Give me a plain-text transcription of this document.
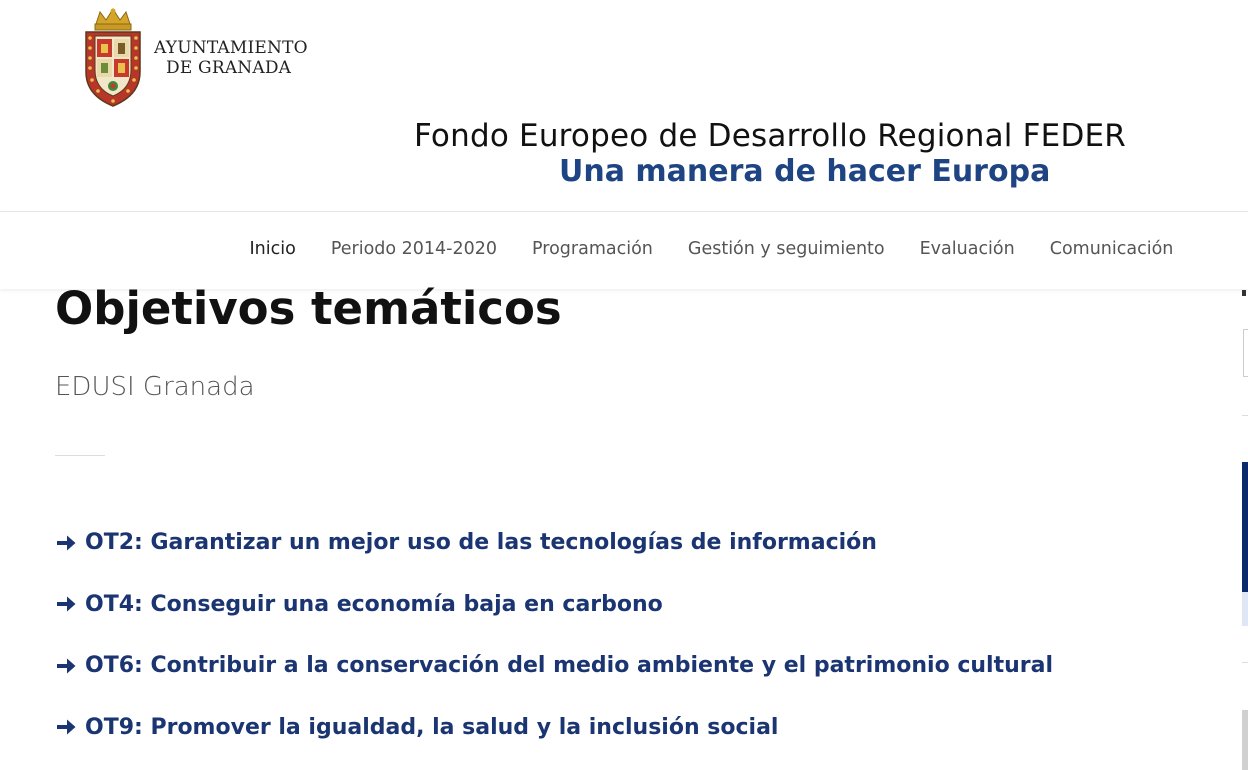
AYUNTAMIENTO
DE GRANADA
Fondo Europeo de Desarrollo Regional FEDER
Una manera de hacer Europa
Inicio	Periodo 2014-2020	Programación	Gestión y seguimiento	Evaluación	Comunicación
Objetivos temáticos
EDUSI Granada
OT2: Garantizar un mejor uso de las tecnologías de información
OT4: Conseguir una economía baja en carbono
OT6: Contribuir a la conservación del medio ambiente y el patrimonio cultural
OT9: Promover la igualdad, la salud y la inclusión social
